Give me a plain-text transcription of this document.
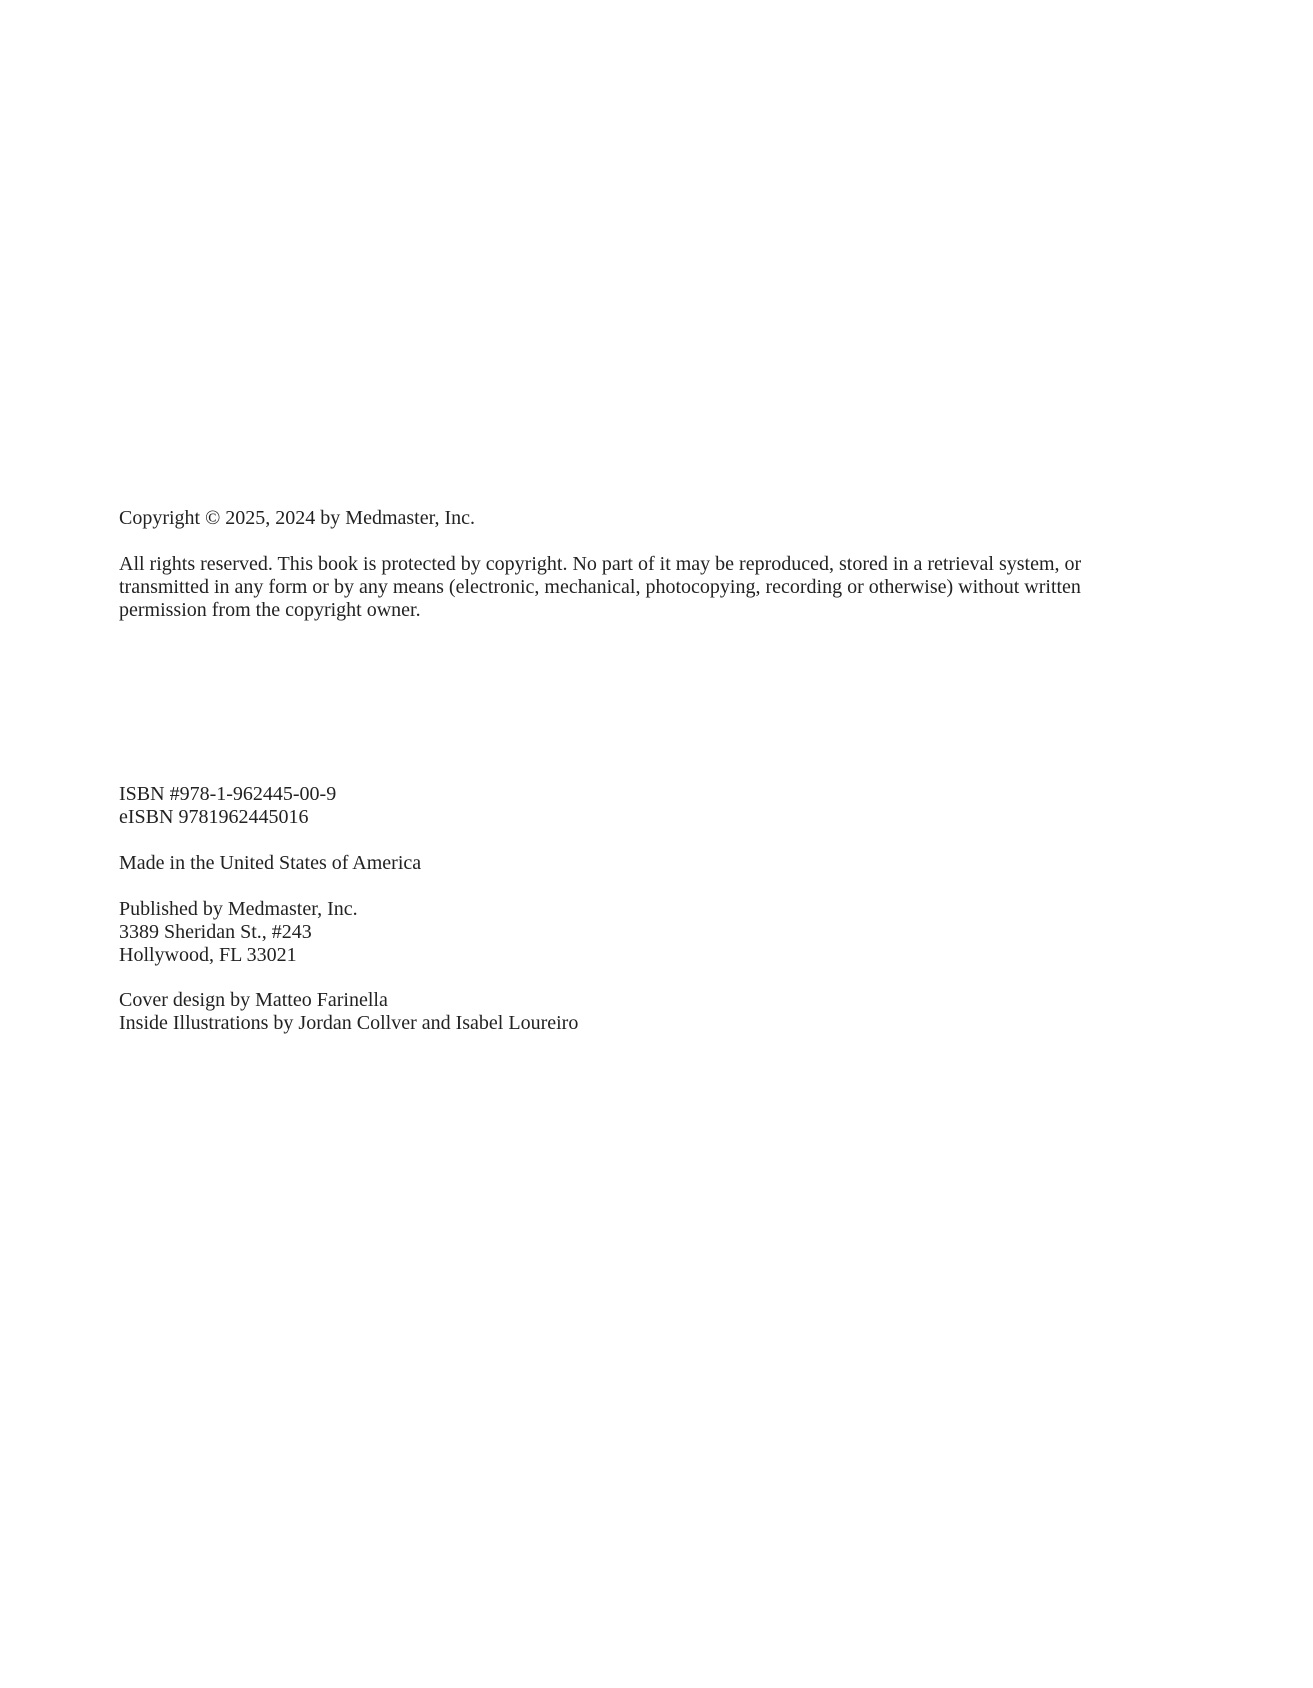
Copyright © 2025, 2024 by Medmaster, Inc.

All rights reserved. This book is protected by copyright. No part of it may be reproduced, stored in a retrieval system, or
transmitted in any form or by any means (electronic, mechanical, photocopying, recording or otherwise) without written
permission from the copyright owner.

ISBN #978-1-962445-00-9
eISBN 9781962445016

Made in the United States of America

Published by Medmaster, Inc.
3389 Sheridan St., #243
Hollywood, FL 33021

Cover design by Matteo Farinella
Inside Illustrations by Jordan Collver and Isabel Loureiro
